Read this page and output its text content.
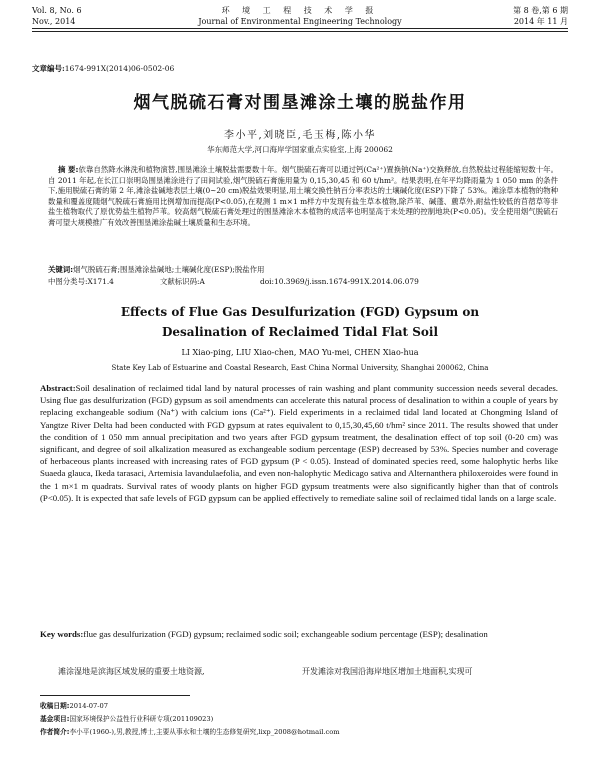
Vol. 8, No. 6
Nov., 2014
环 境 工 程 技 术 学 报
Journal of Environmental Engineering Technology
第 8 卷,第 6 期
2014 年 11 月
文章编号:1674-991X(2014)06-0502-06
烟气脱硫石膏对围垦滩涂土壤的脱盐作用
李小平,刘晓臣,毛玉梅,陈小华
华东师范大学,河口海岸学国家重点实验室,上海 200062
摘 要:依靠自然降水淋洗和植物演替,围垦滩涂土壤脱盐需要数十年。烟气脱硫石膏可以通过钙(Ca²⁺)置换钠(Na⁺)交换释放,自然脱盐过程能缩短数十年。自 2011 年起,在长江口崇明岛围垦滩涂进行了田间试验,烟气脱硫石膏施用量为 0,15,30,45 和 60 t/hm²。结果表明,在年平均降雨量为 1 050 mm 的条件下,施用脱硫石膏的第 2 年,滩涂盐碱地表层土壤(0~20 cm)脱盐效果明显,用土壤交换性钠百分率表达的土壤碱化度(ESP)下降了 53%。滩涂草本植物的物种数量和覆盖度随烟气脱硫石膏施用比例增加而提高(P<0.05),在观测 1 m×1 m样方中发现有盐生草本植物,除芦苇、碱蓬、藨草外,耐盐性较低的苜蓿草等非盐生植物取代了原优势盐生植物芦苇。较高烟气脱硫石膏处理过的围垦滩涂木本植物的成活率也明显高于未处理的控制地块(P<0.05)。安全使用烟气脱硫石膏可望大规模推广有效改善围垦滩涂盐碱土壤质量和生态环境。
关键词:烟气脱硫石膏;围垦滩涂盐碱地;土壤碱化度(ESP);脱盐作用
中图分类号:X171.4	文献标识码:A	doi:10.3969/j.issn.1674-991X.2014.06.079
Effects of Flue Gas Desulfurization (FGD) Gypsum on
Desalination of Reclaimed Tidal Flat Soil
LI Xiao-ping, LIU Xiao-chen, MAO Yu-mei, CHEN Xiao-hua
State Key Lab of Estuarine and Coastal Research, East China Normal University, Shanghai 200062, China
Abstract:Soil desalination of reclaimed tidal land by natural processes of rain washing and plant community succession needs several decades. Using flue gas desulfurization (FGD) gypsum as soil amendments can accelerate this natural process of desalination to within a couple of years by replacing exchangeable sodium (Na⁺) with calcium ions (Ca²⁺). Field experiments in a reclaimed tidal land located at Chongming Island of Yangtze River Delta had been conducted with FGD gypsum at rates equivalent to 0,15,30,45,60 t/hm² since 2011. The results showed that under the condition of 1 050 mm annual precipitation and two years after FGD gypsum treatment, the desalination effect of top soil (0-20 cm) was significant, and degree of soil alkalization measured as exchangeable sodium percentage (ESP) decreased by 53%. Species number and coverage of herbaceous plants increased with increasing rates of FGD gypsum (P < 0.05). Instead of dominated species reed, some halophytic herbs like Suaeda glauca, Ikeda tarasaci, Artemisia lavandulaefolia, and even non-halophytic Medicago sativa and Alternanthera philoxeroides were found in the 1 m×1 m quadrats. Survival rates of woody plants on higher FGD gypsum treatments were also significantly higher than that of controls (P<0.05). It is expected that safe levels of FGD gypsum can be applied effectively to remediate saline soil of reclaimed tidal lands on a large scale.
Key words:flue gas desulfurization (FGD) gypsum; reclaimed sodic soil; exchangeable sodium percentage (ESP); desalination
滩涂湿地是滨海区域发展的重要土地资源,	开发滩涂对我国沿海岸地区增加土地面积,实现可
收稿日期:2014-07-07
基金项目:国家环境保护公益性行业科研专项(201109023)
作者简介:李小平(1960-),男,教授,博士,主要从事水和土壤的生态修复研究,lixp_2008@hotmail.com
